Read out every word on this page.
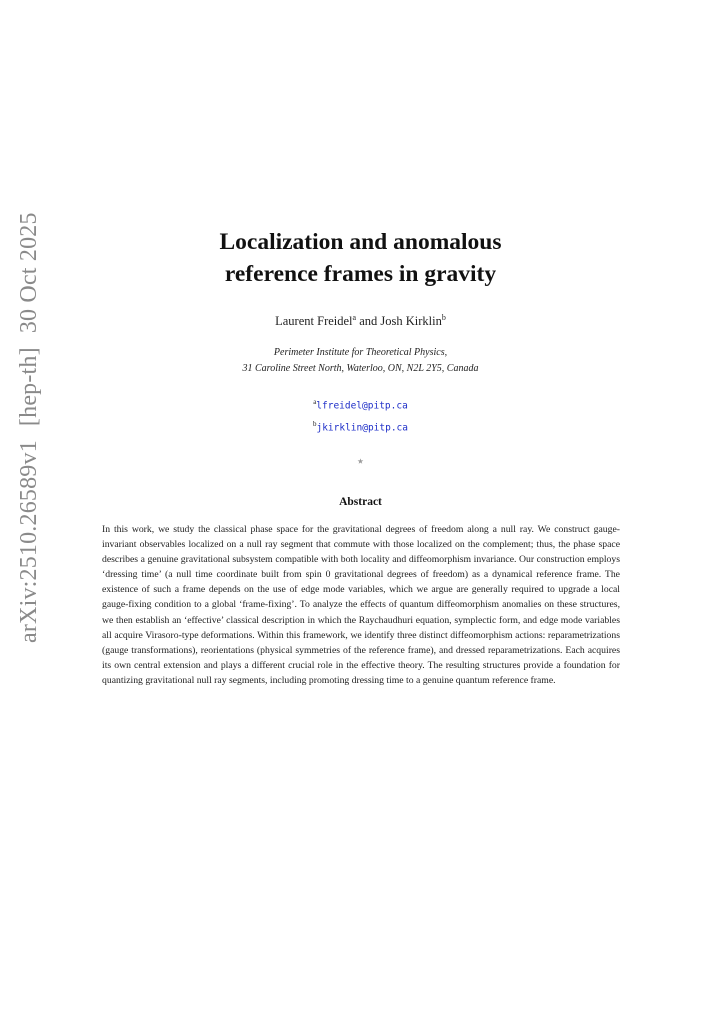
arXiv:2510.26589v1[hep-th]30 Oct 2025	Localization and anomalous
reference frames in gravity
Laurent Freidel$^a$ and Josh Kirklin$^b$
Perimeter Institute for Theoretical Physics,
31 Caroline Street North, Waterloo, ON, N2L 2Y5, Canada
$^a$lfreidel@pitp.ca
$^b$jkirklin@pitp.ca
⋆
Abstract
In this work, we study the classical phase space for the gravitational degrees of freedom along a null ray. We construct gauge-invariant observables localized on a null ray segment that commute with those localized on the complement; thus, the phase space describes a genuine gravitational subsystem compatible with both locality and diffeomorphism invariance. Our construction employs ‘dressing time’ (a null time coordinate built from spin 0 gravitational degrees of freedom) as a dynamical reference frame. The existence of such a frame depends on the use of edge mode variables, which we argue are generally required to upgrade a local gauge-fixing condition to a global ‘frame-fixing’. To analyze the effects of quantum diffeomorphism anomalies on these structures, we then establish an ‘effective’ classical description in which the Raychaudhuri equation, symplectic form, and edge mode variables all acquire Virasoro-type deformations. Within this framework, we identify three distinct diffeomorphism actions: reparametrizations (gauge transformations), reorientations (physical symmetries of the reference frame), and dressed reparametrizations. Each acquires its own central extension and plays a different crucial role in the effective theory. The resulting structures provide a foundation for quantizing gravitational null ray segments, including promoting dressing time to a genuine quantum reference frame.
